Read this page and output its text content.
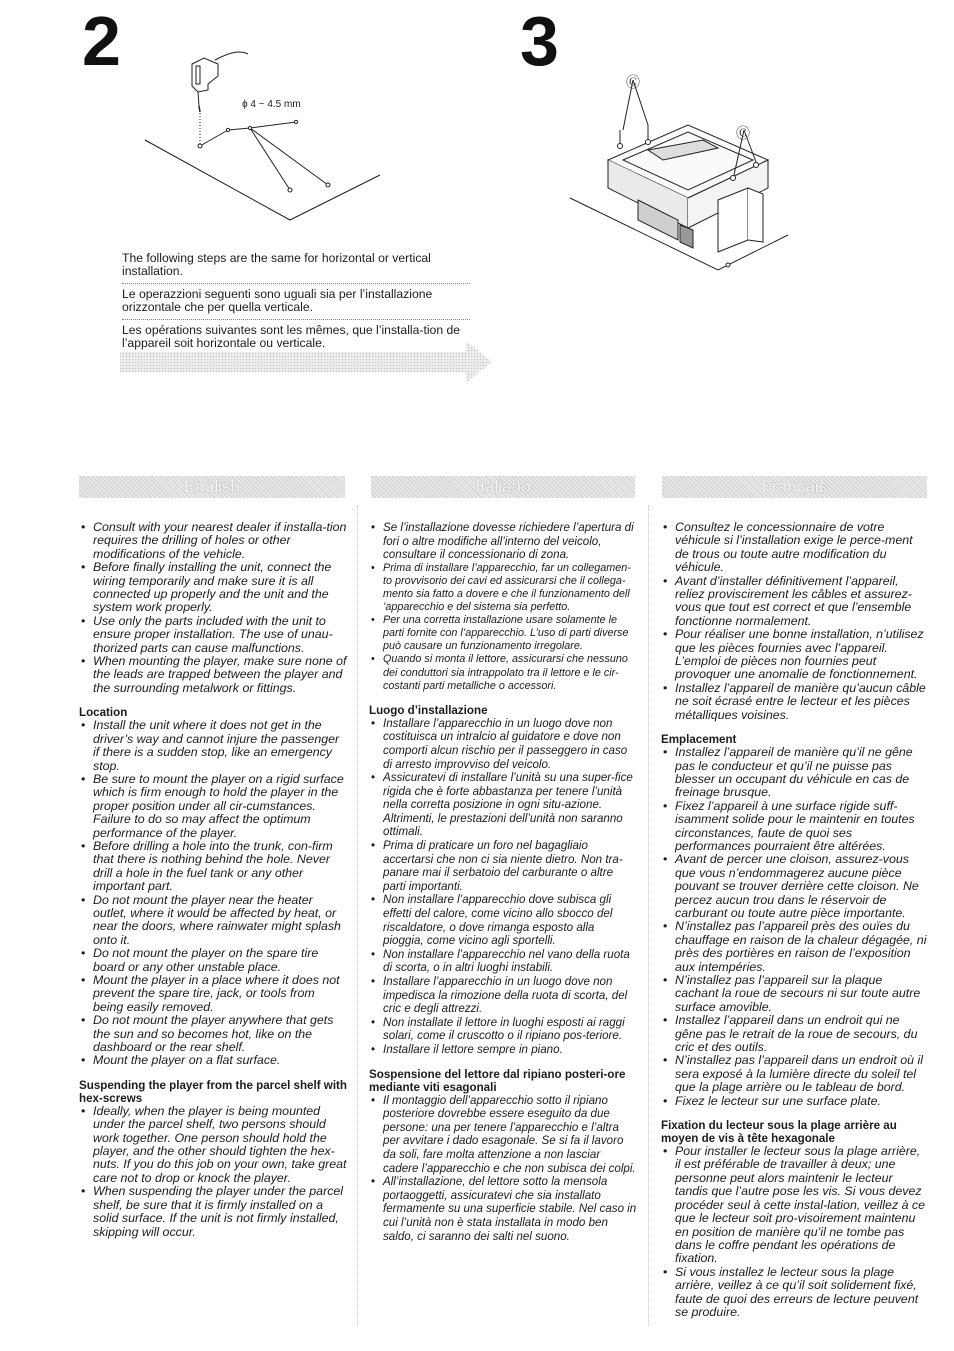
2	3
ϕ 4 ~ 4.5 mm
Ⓒ
Ⓒ

The following steps are the same for horizontal or vertical installation.

Le operazzioni seguenti sono uguali sia per l’installazione orizzontale che per quella verticale.

Les opérations suivantes sont les mêmes, que l’installa-tion de l’appareil soit horizontale ou verticale.

English	Italiano	Français
• Consult with your nearest dealer if installa-tion requires the drilling of holes or other modifications of the vehicle.
• Before finally installing the unit, connect the wiring temporarily and make sure it is all connected up properly and the unit and the system work properly.
• Use only the parts included with the unit to ensure proper installation. The use of unau-thorized parts can cause malfunctions.
• When mounting the player, make sure none of the leads are trapped between the player and the surrounding metalwork or fittings.
Location
• Install the unit where it does not get in the driver’s way and cannot injure the passenger if there is a sudden stop, like an emergency stop.
• Be sure to mount the player on a rigid surface which is firm enough to hold the player in the proper position under all cir-cumstances. Failure to do so may affect the optimum performance of the player.
• Before drilling a hole into the trunk, con-firm that there is nothing behind the hole. Never drill a hole in the fuel tank or any other important part.
• Do not mount the player near the heater outlet, where it would be affected by heat, or near the doors, where rainwater might splash onto it.
• Do not mount the player on the spare tire board or any other unstable place.
• Mount the player in a place where it does not prevent the spare tire, jack, or tools from being easily removed.
• Do not mount the player anywhere that gets the sun and so becomes hot, like on the dashboard or the rear shelf.
• Mount the player on a flat surface.
Suspending the player from the parcel shelf with hex-screws
• Ideally, when the player is being mounted under the parcel shelf, two persons should work together. One person should hold the player, and the other should tighten the hex-nuts. If you do this job on your own, take great care not to drop or knock the player.
• When suspending the player under the parcel shelf, be sure that it is firmly installed on a solid surface. If the unit is not firmly installed, skipping will occur.
• Se l’installazione dovesse richiedere l’apertura di fori o altre modifiche all’interno del veicolo, consultare il concessionario di zona.
• Prima di installare l’apparecchio, far un collegamen-to provvisorio dei cavi ed assicurarsi che il collega-mento sia fatto a dovere e che il funzionamento dell ’apparecchio e del sistema sia perfetto.
• Per una corretta installazione usare solamente le parti fornite con l’apparecchio. L’uso di parti diverse può causare un funzionamento irregolare.
• Quando si monta il lettore, assicurarsi che nessuno dei conduttori sia intrappolato tra il lettore e le cir-costanti parti metalliche o accessori.
Luogo d’installazione
• Installare l’apparecchio in un luogo dove non costituisca un intralcio al guidatore e dove non comporti alcun rischio per il passeggero in caso di arresto improvviso del veicolo.
• Assicuratevi di installare l’unità su una super-fice rigida che è forte abbastanza per tenere l’unità nella corretta posizione in ogni situ-azione. Altrimenti, le prestazioni dell’unità non saranno ottimali.
• Prima di praticare un foro nel bagagliaio accertarsi che non ci sia niente dietro. Non tra-panare mai il serbatoio del carburante o altre parti importanti.
• Non installare l’apparecchio dove subisca gli effetti del calore, come vicino allo sbocco del riscaldatore, o dove rimanga esposto alla pioggia, come vicino agli sportelli.
• Non installare l’apparecchio nel vano della ruota di scorta, o in altri luoghi instabili.
• Installare l’apparecchio in un luogo dove non impedisca la rimozione della ruota di scorta, del cric e degli attrezzi.
• Non installate il lettore in luoghi esposti ai raggi solari, come il cruscotto o il ripiano pos-teriore.
• Installare il lettore sempre in piano.
Sospensione del lettore dal ripiano posteri-ore mediante viti esagonali
• Il montaggio dell’apparecchio sotto il ripiano posteriore dovrebbe essere eseguito da due persone: una per tenere l’apparecchio e l’altra per avvitare i dado esagonale. Se si fa il lavoro da soli, fare molta attenzione a non lasciar cadere l’apparecchio e che non subisca dei colpi.
• All’installazione, del lettore sotto la mensola portaoggetti, assicuratevi che sia installato fermamente su una superficie stabile. Nel caso in cui l’unità non è stata installata in modo ben saldo, ci saranno dei salti nel suono.
• Consultez le concessionnaire de votre véhicule si l’installation exige le perce-ment de trous ou toute autre modification du véhicule.
• Avant d’installer définitivement l’appareil, reliez proviscirement les câbles et assurez-vous que tout est correct et que l’ensemble fonctionne normalement.
• Pour réaliser une bonne installation, n’utilisez que les pièces fournies avec l’appareil. L’emploi de pièces non fournies peut provoquer une anomalie de fonctionnement.
• Installez l’appareil de manière qu’aucun câble ne soit écrasé entre le lecteur et les pièces métalliques voisines.
Emplacement
• Installez l’appareil de manière qu’il ne gêne pas le conducteur et qu’il ne puisse pas blesser un occupant du véhicule en cas de freinage brusque.
• Fixez l’appareil à une surface rigide suff-isamment solide pour le maintenir en toutes circonstances, faute de quoi ses performances pourraient être altérées.
• Avant de percer une cloison, assurez-vous que vous n’endommagerez aucune pièce pouvant se trouver derrière cette cloison. Ne percez aucun trou dans le réservoir de carburant ou toute autre pièce importante.
• N’installez pas l’appareil près des ouïes du chauffage en raison de la chaleur dégagée, ni près des portières en raison de l’exposition aux intempéries.
• N’installez pas l’appareil sur la plaque cachant la roue de secours ni sur toute autre surface amovible.
• Installez l’appareil dans un endroit qui ne gêne pas le retrait de la roue de secours, du cric et des outils.
• N’installez pas l’appareil dans un endroit où il sera exposé à la lumière directe du soleil tel que la plage arrière ou le tableau de bord.
• Fixez le lecteur sur une surface plate.
Fixation du lecteur sous la plage arrière au moyen de vis à tête hexagonale
• Pour installer le lecteur sous la plage arrière, il est préférable de travailler à deux; une personne peut alors maintenir le lecteur tandis que l’autre pose les vis. Si vous devez procéder seul à cette instal-lation, veillez à ce que le lecteur soit pro-visoirement maintenu en position de manière qu’il ne tombe pas dans le coffre pendant les opérations de fixation.
• Si vous installez le lecteur sous la plage arrière, veillez à ce qu’il soit solidement fixé, faute de quoi des erreurs de lecture peuvent se produire.
